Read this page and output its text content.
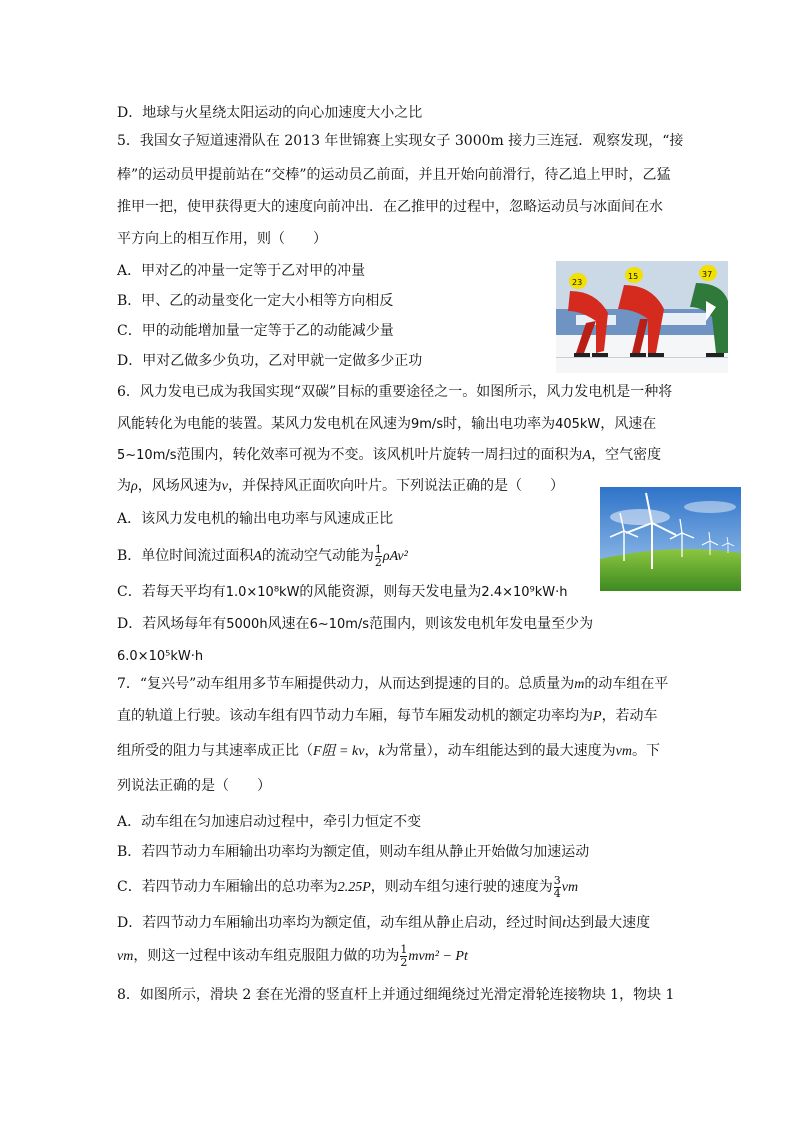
D．地球与火星绕太阳运动的向心加速度大小之比
5．我国女子短道速滑队在 2013 年世锦赛上实现女子 3000m 接力三连冠．观察发现，“接
棒”的运动员甲提前站在“交棒”的运动员乙前面，并且开始向前滑行，待乙追上甲时，乙猛
推甲一把，使甲获得更大的速度向前冲出．在乙推甲的过程中，忽略运动员与冰面间在水
平方向上的相互作用，则（　　）
A．甲对乙的冲量一定等于乙对甲的冲量
B．甲、乙的动量变化一定大小相等方向相反
C．甲的动能增加量一定等于乙的动能减少量
D．甲对乙做多少负功，乙对甲就一定做多少正功
23
15	37
6．风力发电已成为我国实现“双碳”目标的重要途径之一。如图所示，风力发电机是一种将
风能转化为电能的装置。某风力发电机在风速为9m/s时，输出电功率为405kW，风速在
5~10m/s范围内，转化效率可视为不变。该风机叶片旋转一周扫过的面积为A，空气密度
为ρ，风场风速为v，并保持风正面吹向叶片。下列说法正确的是（　　）
A．该风力发电机的输出电功率与风速成正比
B．单位时间流过面积A的流动空气动能为 $\frac{1}{2} \rho Av^2$
C．若每天平均有1.0×10⁸kW的风能资源，则每天发电量为2.4×10⁹kW·h
D．若风场每年有5000h风速在6~10m/s范围内，则该发电机年发电量至少为
6.0×10⁵kW·h
7．“复兴号”动车组用多节车厢提供动力，从而达到提速的目的。总质量为m的动车组在平
直的轨道上行驶。该动车组有四节动力车厢，每节车厢发动机的额定功率均为P，若动车
组所受的阻力与其速率成正比（F阻 = kv，k为常量），动车组能达到的最大速度为vm。下
列说法正确的是（　　）
A．动车组在匀加速启动过程中，牵引力恒定不变
B．若四节动力车厢输出功率均为额定值，则动车组从静止开始做匀加速运动
C．若四节动力车厢输出的总功率为2.25P，则动车组匀速行驶的速度为 $\frac{3}{4}$ vm
D．若四节动力车厢输出功率均为额定值，动车组从静止启动，经过时间t达到最大速度
vm，则这一过程中该动车组克服阻力做的功为 $\frac{1}{2} mvm^2 - Pt$
8．如图所示，滑块 2 套在光滑的竖直杆上并通过细绳绕过光滑定滑轮连接物块 1，物块 1
